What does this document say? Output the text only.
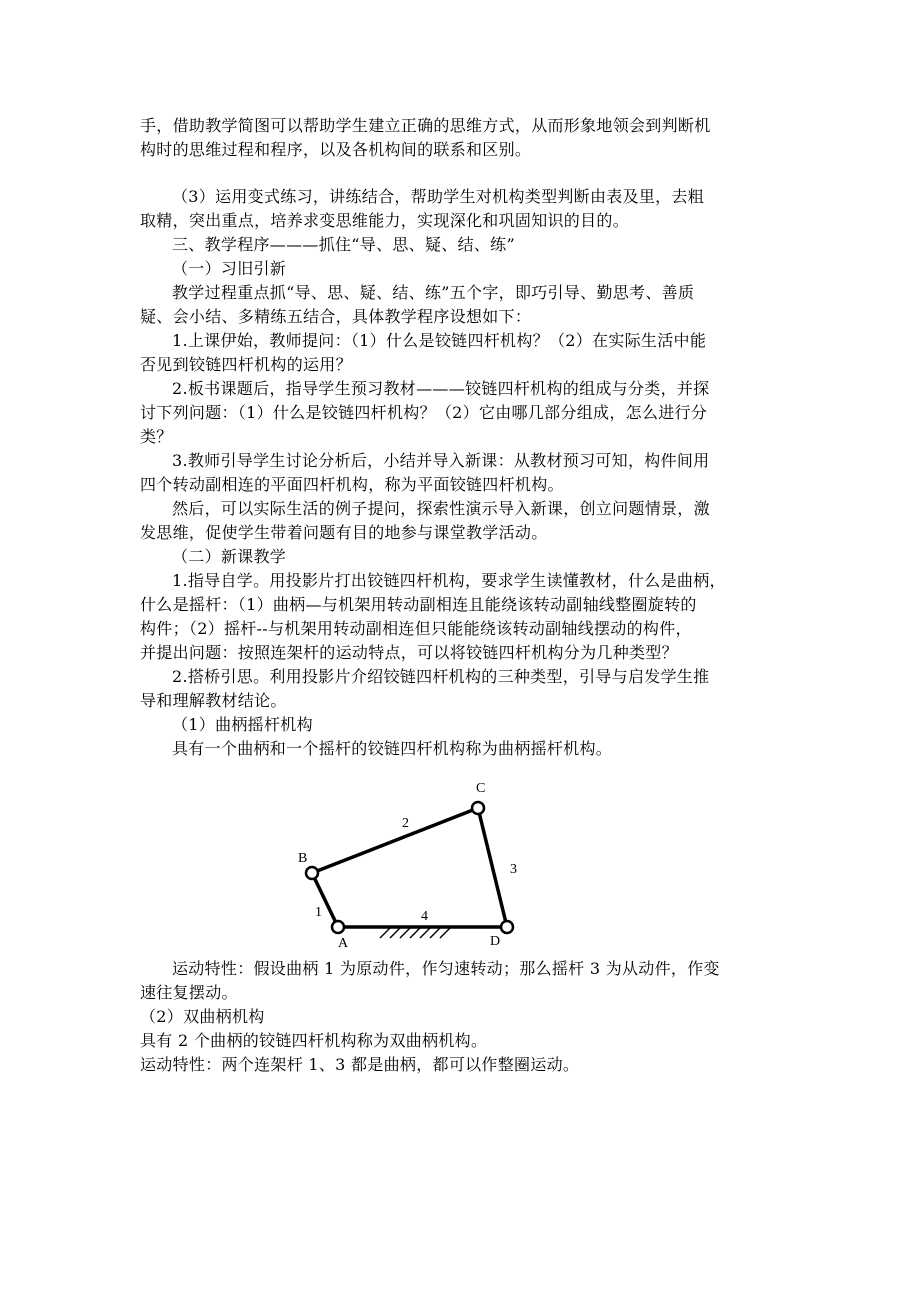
手，借助教学简图可以帮助学生建立正确的思维方式，从而形象地领会到判断机
构时的思维过程和程序，以及各机构间的联系和区别。
（3）运用变式练习，讲练结合，帮助学生对机构类型判断由表及里，去粗
取精，突出重点，培养求变思维能力，实现深化和巩固知识的目的。
三、教学程序———抓住“导、思、疑、结、练”
（一）习旧引新
教学过程重点抓“导、思、疑、结、练”五个字，即巧引导、勤思考、善质
疑、会小结、多精练五结合，具体教学程序设想如下：
1.上课伊始，教师提问：（1）什么是铰链四杆机构？（2）在实际生活中能
否见到铰链四杆机构的运用？
2.板书课题后，指导学生预习教材———铰链四杆机构的组成与分类，并探
讨下列问题：（1）什么是铰链四杆机构？（2）它由哪几部分组成，怎么进行分
类？
3.教师引导学生讨论分析后，小结并导入新课：从教材预习可知，构件间用
四个转动副相连的平面四杆机构，称为平面铰链四杆机构。
然后，可以实际生活的例子提问，探索性演示导入新课，创立问题情景，激
发思维，促使学生带着问题有目的地参与课堂教学活动。
（二）新课教学
1.指导自学。用投影片打出铰链四杆机构，要求学生读懂教材，什么是曲柄，
什么是摇杆：（1）曲柄—与机架用转动副相连且能绕该转动副轴线整圈旋转的
构件；（2）摇杆--与机架用转动副相连但只能能绕该转动副轴线摆动的构件，
并提出问题：按照连架杆的运动特点，可以将铰链四杆机构分为几种类型？
2.搭桥引思。利用投影片介绍铰链四杆机构的三种类型，引导与启发学生推
导和理解教材结论。
（1）曲柄摇杆机构
具有一个曲柄和一个摇杆的铰链四杆机构称为曲柄摇杆机构。
A
B
C
D
1
2
3
4
运动特性：假设曲柄 1 为原动件，作匀速转动；那么摇杆 3 为从动件，作变
速往复摆动。
（2）双曲柄机构
具有 2 个曲柄的铰链四杆机构称为双曲柄机构。
运动特性：两个连架杆 1、3 都是曲柄，都可以作整圈运动。
